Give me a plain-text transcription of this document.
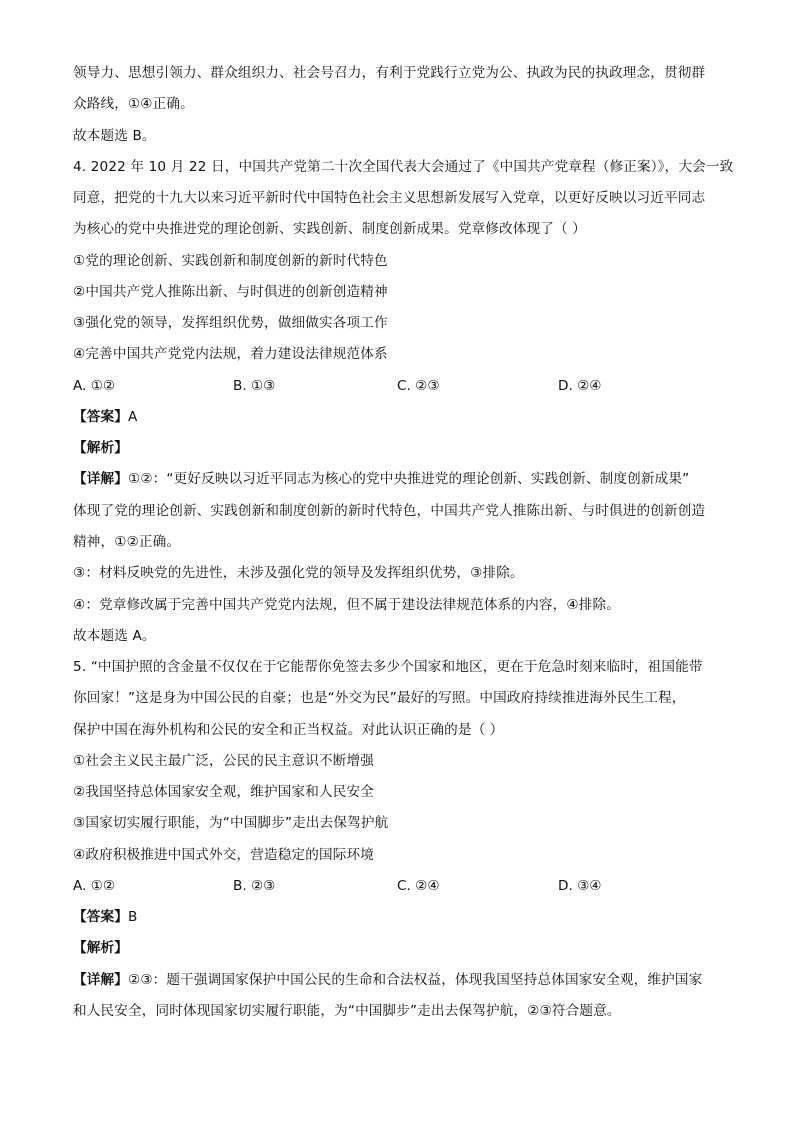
领导力、思想引领力、群众组织力、社会号召力，有利于党践行立党为公、执政为民的执政理念，贯彻群
众路线，①④正确。
故本题选 B。
4. 2022 年 10 月 22 日，中国共产党第二十次全国代表大会通过了《中国共产党章程（修正案）》，大会一致
同意，把党的十九大以来习近平新时代中国特色社会主义思想新发展写入党章，以更好反映以习近平同志
为核心的党中央推进党的理论创新、实践创新、制度创新成果。党章修改体现了（ ）
①党的理论创新、实践创新和制度创新的新时代特色
②中国共产党人推陈出新、与时俱进的创新创造精神
③强化党的领导，发挥组织优势，做细做实各项工作
④完善中国共产党党内法规，着力建设法律规范体系
A. ①②	B. ①③	C. ②③	D. ②④
【答案】A
【解析】
【详解】①②：“更好反映以习近平同志为核心的党中央推进党的理论创新、实践创新、制度创新成果”
体现了党的理论创新、实践创新和制度创新的新时代特色，中国共产党人推陈出新、与时俱进的创新创造
精神，①②正确。
③：材料反映党的先进性，未涉及强化党的领导及发挥组织优势，③排除。
④：党章修改属于完善中国共产党党内法规，但不属于建设法律规范体系的内容，④排除。
故本题选 A。
5. “中国护照的含金量不仅仅在于它能帮你免签去多少个国家和地区，更在于危急时刻来临时，祖国能带
你回家！”这是身为中国公民的自豪；也是“外交为民”最好的写照。中国政府持续推进海外民生工程，
保护中国在海外机构和公民的安全和正当权益。对此认识正确的是（ ）
①社会主义民主最广泛，公民的民主意识不断增强
②我国坚持总体国家安全观，维护国家和人民安全
③国家切实履行职能，为“中国脚步”走出去保驾护航
④政府积极推进中国式外交，营造稳定的国际环境
A. ①②	B. ②③	C. ②④	D. ③④
【答案】B
【解析】
【详解】②③：题干强调国家保护中国公民的生命和合法权益，体现我国坚持总体国家安全观，维护国家
和人民安全，同时体现国家切实履行职能，为“中国脚步”走出去保驾护航，②③符合题意。
